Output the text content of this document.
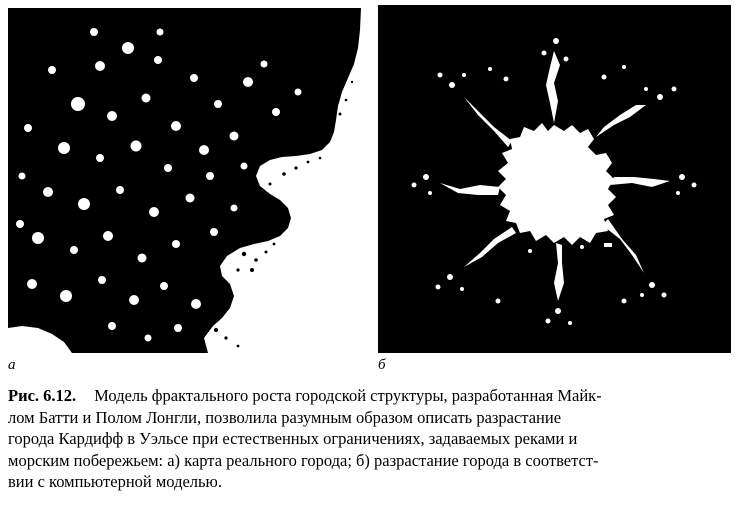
а	б
Рис. 6.12. Модель фрактального роста городской структуры, разработанная Майк-
лом Батти и Полом Лонгли, позволила разумным образом описать разрастание
города Кардифф в Уэльсе при естественных ограничениях, задаваемых реками и
морским побережьем: а) карта реального города; б) разрастание города в соответст-
вии с компьютерной моделью.
